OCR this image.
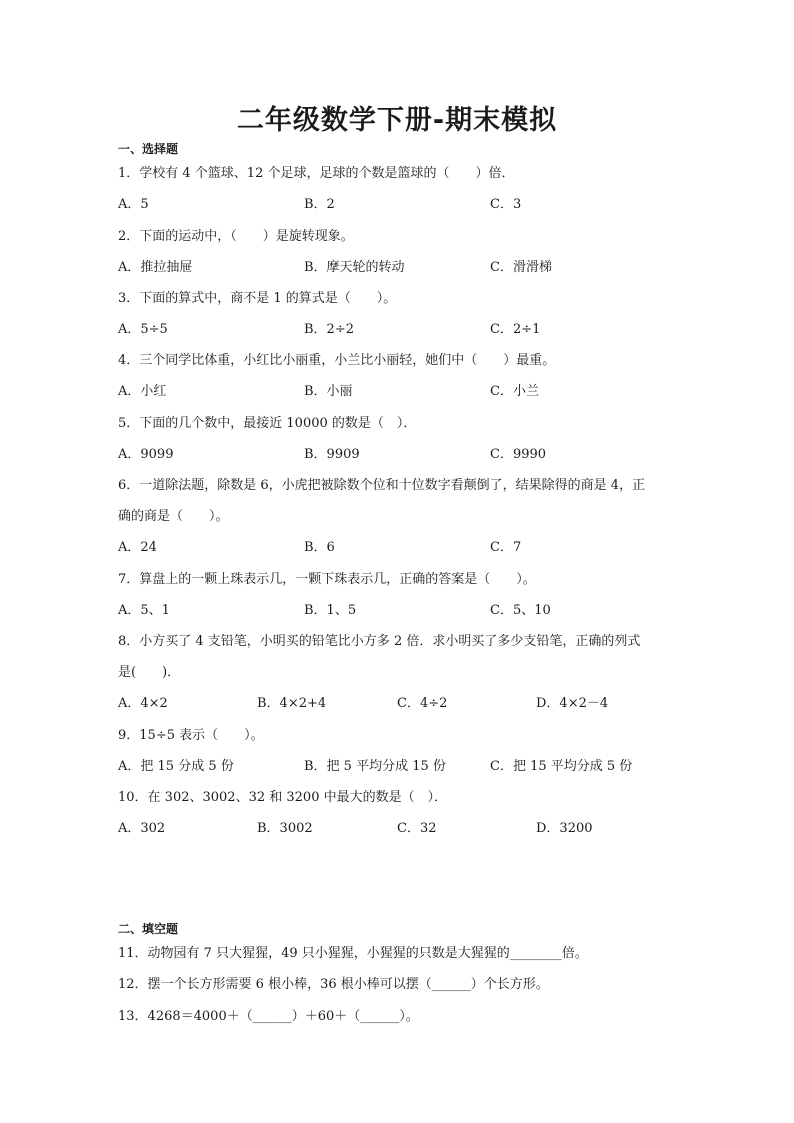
二年级数学下册-期末模拟
一、选择题
1．学校有 4 个篮球、12 个足球，足球的个数是篮球的（　　）倍．
A．5	B．2	C．3
2．下面的运动中，（　　）是旋转现象。
A．推拉抽屉	B．摩天轮的转动	C．滑滑梯
3．下面的算式中，商不是 1 的算式是（　　）。
A．5÷5	B．2÷2	C．2÷1
4．三个同学比体重，小红比小丽重，小兰比小丽轻，她们中（　　）最重。
A．小红	B．小丽	C．小兰
5．下面的几个数中，最接近 10000 的数是（　）．
A．9099	B．9909	C．9990
6．一道除法题，除数是 6，小虎把被除数个位和十位数字看颠倒了，结果除得的商是 4，正
确的商是（　　）。
A．24	B．6	C．7
7．算盘上的一颗上珠表示几，一颗下珠表示几，正确的答案是（　　）。
A．5、1	B．1、5	C．5、10
8．小方买了 4 支铅笔，小明买的铅笔比小方多 2 倍．求小明买了多少支铅笔，正确的列式
是(　　)．
A．4×2	B．4×2+4	C．4÷2	D．4×2－4
9．15÷5 表示（　　）。
A．把 15 分成 5 份	B．把 5 平均分成 15 份	C．把 15 平均分成 5 份
10．在 302、3002、32 和 3200 中最大的数是（　）．
A．302	B．3002	C．32	D．3200
二、填空题
11．动物园有 7 只大猩猩，49 只小猩猩，小猩猩的只数是大猩猩的________倍。
12．摆一个长方形需要 6 根小棒，36 根小棒可以摆（______）个长方形。
13．4268＝4000＋（______）＋60＋（______）。
